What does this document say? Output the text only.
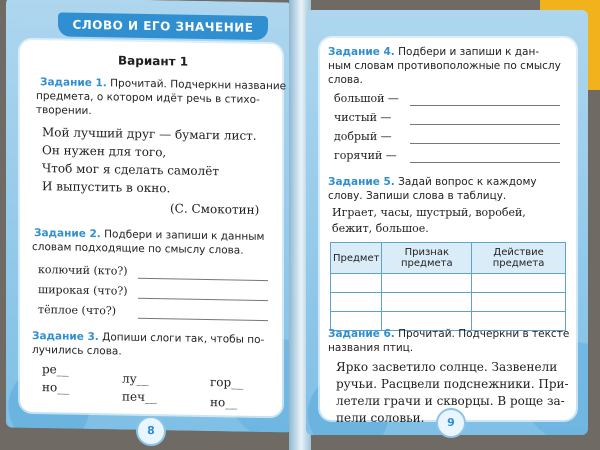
СЛОВО И ЕГО ЗНАЧЕНИЕ
Вариант 1
Задание 1. Прочитай. Подчеркни название
предмета, о котором идёт речь в стихо-
творении.
Мой лучший друг — бумаги лист.
Он нужен для того,
Чтоб мог я сделать самолёт
И выпустить в окно.
(С. Смокотин)
Задание 2. Подбери и запиши к данным
словам подходящие по смыслу слова.
колючий (кто?)
широкая (что?)
тёплое (что?)
Задание 3. Допиши слоги так, чтобы по-
лучились слова.
ре__
лу__	гор__
но__
печ__	но__
8
Задание 4. Подбери и запиши к дан-
ным словам противоположные по смыслу
слова.
большой —
чистый —
добрый —
горячий —
Задание 5. Задай вопрос к каждому
слову. Запиши слова в таблицу.
Играет, часы, шустрый, воробей,
бежит, большое.
Предмет	Признак предмета	Действие предмета

Задание 6. Прочитай. Подчеркни в тексте
названия птиц.
Ярко засветило солнце. Зазвенели
ручьи. Расцвели подснежники. При-
летели грачи и скворцы. В роще за-
пели соловьи.	9
